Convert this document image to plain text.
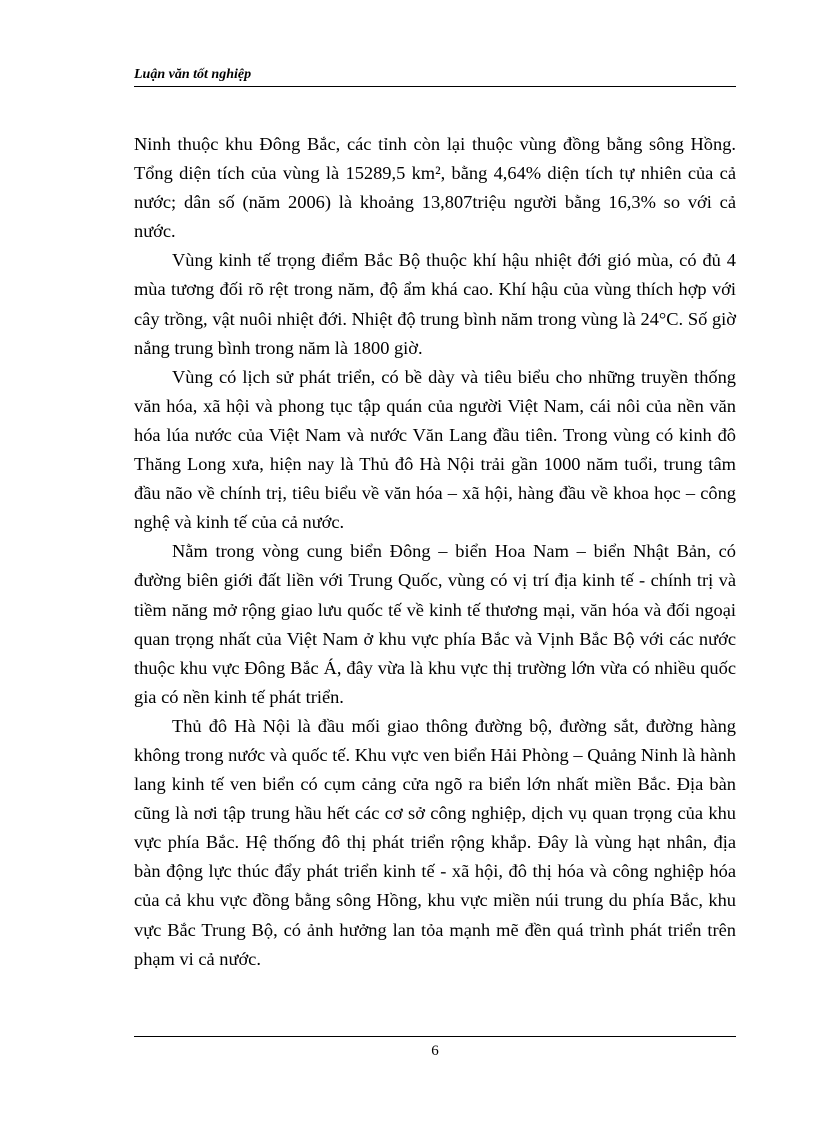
Luận văn tốt nghiệp

Ninh thuộc khu Đông Bắc, các tỉnh còn lại thuộc vùng đồng bằng sông Hồng. Tổng diện tích của vùng là 15289,5 km², bằng 4,64% diện tích tự nhiên của cả nước; dân số (năm 2006) là khoảng 13,807triệu người bằng 16,3% so với cả nước.

Vùng kinh tế trọng điểm Bắc Bộ thuộc khí hậu nhiệt đới gió mùa, có đủ 4 mùa tương đối rõ rệt trong năm, độ ẩm khá cao. Khí hậu của vùng thích hợp với cây trồng, vật nuôi nhiệt đới. Nhiệt độ trung bình năm trong vùng là 24°C. Số giờ nắng trung bình trong năm là 1800 giờ.

Vùng có lịch sử phát triển, có bề dày và tiêu biểu cho những truyền thống văn hóa, xã hội và phong tục tập quán của người Việt Nam, cái nôi của nền văn hóa lúa nước của Việt Nam và nước Văn Lang đầu tiên. Trong vùng có kinh đô Thăng Long xưa, hiện nay là Thủ đô Hà Nội trải gần 1000 năm tuổi, trung tâm đầu não về chính trị, tiêu biểu về văn hóa – xã hội, hàng đầu về khoa học – công nghệ và kinh tế của cả nước.

Nằm trong vòng cung biển Đông – biển Hoa Nam – biển Nhật Bản, có đường biên giới đất liền với Trung Quốc, vùng có vị trí địa kinh tế - chính trị và tiềm năng mở rộng giao lưu quốc tế về kinh tế thương mại, văn hóa và đối ngoại quan trọng nhất của Việt Nam ở khu vực phía Bắc và Vịnh Bắc Bộ với các nước thuộc khu vực Đông Bắc Á, đây vừa là khu vực thị trường lớn vừa có nhiều quốc gia có nền kinh tế phát triển.

Thủ đô Hà Nội là đầu mối giao thông đường bộ, đường sắt, đường hàng không trong nước và quốc tế. Khu vực ven biển Hải Phòng – Quảng Ninh là hành lang kinh tế ven biển có cụm cảng cửa ngõ ra biển lớn nhất miền Bắc. Địa bàn cũng là nơi tập trung hầu hết các cơ sở công nghiệp, dịch vụ quan trọng của khu vực phía Bắc. Hệ thống đô thị phát triển rộng khắp. Đây là vùng hạt nhân, địa bàn động lực thúc đẩy phát triển kinh tế - xã hội, đô thị hóa và công nghiệp hóa của cả khu vực đồng bằng sông Hồng, khu vực miền núi trung du phía Bắc, khu vực Bắc Trung Bộ, có ảnh hưởng lan tỏa mạnh mẽ đền quá trình phát triển trên phạm vi cả nước.

6
